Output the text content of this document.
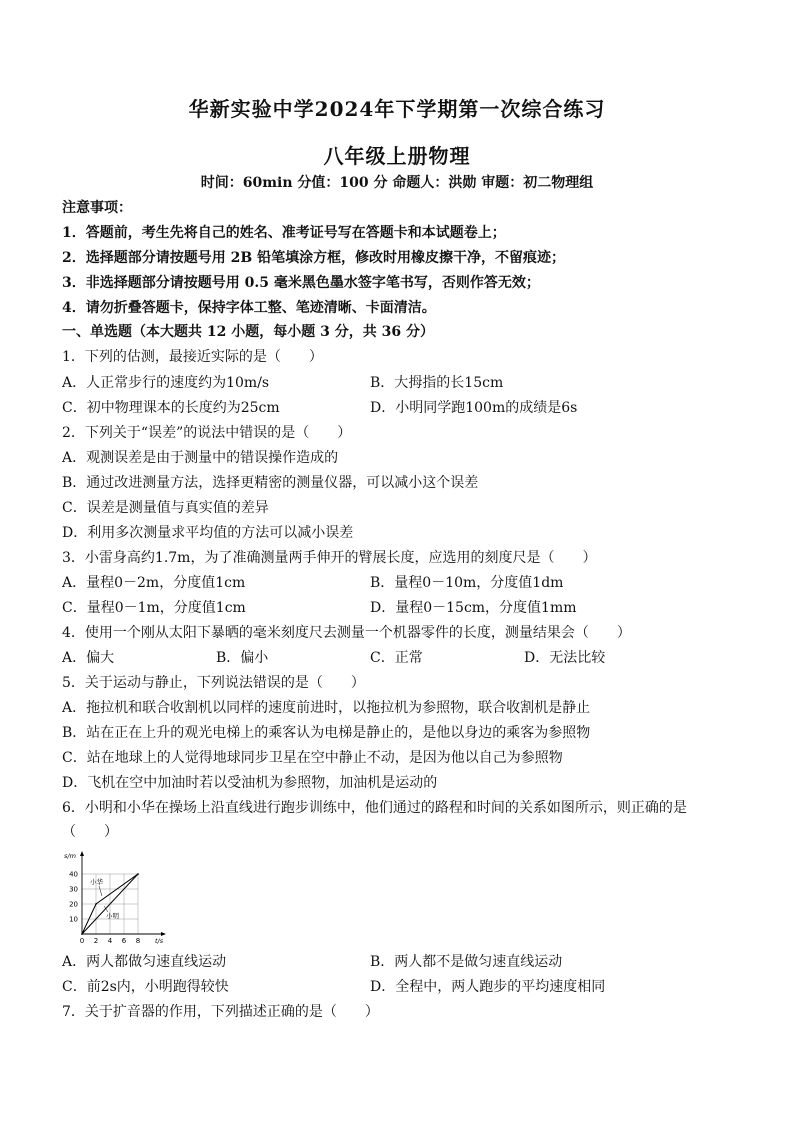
华新实验中学2024年下学期第一次综合练习
八年级上册物理
时间：60min 分值：100 分 命题人：洪勋 审题：初二物理组
注意事项：
1．答题前，考生先将自己的姓名、准考证号写在答题卡和本试题卷上；
2．选择题部分请按题号用 2B 铅笔填涂方框，修改时用橡皮擦干净，不留痕迹；
3．非选择题部分请按题号用 0.5 毫米黑色墨水签字笔书写，否则作答无效；
4．请勿折叠答题卡，保持字体工整、笔迹清晰、卡面清洁。
一、单选题（本大题共 12 小题，每小题 3 分，共 36 分）
1．下列的估测，最接近实际的是（　　）
A．人正常步行的速度约为10m/s	B．大拇指的长15cm
C．初中物理课本的长度约为25cm	D．小明同学跑100m的成绩是6s
2．下列关于“误差”的说法中错误的是（　　）
A．观测误差是由于测量中的错误操作造成的
B．通过改进测量方法，选择更精密的测量仪器，可以减小这个误差
C．误差是测量值与真实值的差异
D．利用多次测量求平均值的方法可以减小误差
3．小雷身高约1.7m，为了准确测量两手伸开的臂展长度，应选用的刻度尺是（　　）
A．量程0－2m，分度值1cm	B．量程0－10m，分度值1dm
C．量程0－1m，分度值1cm	D．量程0－15cm，分度值1mm
4．使用一个刚从太阳下暴晒的毫米刻度尺去测量一个机器零件的长度，测量结果会（　　）
A．偏大	B．偏小	C．正常	D．无法比较
5．关于运动与静止，下列说法错误的是（　　）
A．拖拉机和联合收割机以同样的速度前进时，以拖拉机为参照物，联合收割机是静止
B．站在正在上升的观光电梯上的乘客认为电梯是静止的，是他以身边的乘客为参照物
C．站在地球上的人觉得地球同步卫星在空中静止不动，是因为他以自己为参照物
D．飞机在空中加油时若以受油机为参照物，加油机是运动的
6．小明和小华在操场上沿直线进行跑步训练中，他们通过的路程和时间的关系如图所示，则正确的是
（　　）
0 2 4 6 8
10
20
30
40
s/m
t/s
小华
小明
A．两人都做匀速直线运动	B．两人都不是做匀速直线运动
C．前2s内，小明跑得较快	D．全程中，两人跑步的平均速度相同
7．关于扩音器的作用，下列描述正确的是（　　）
